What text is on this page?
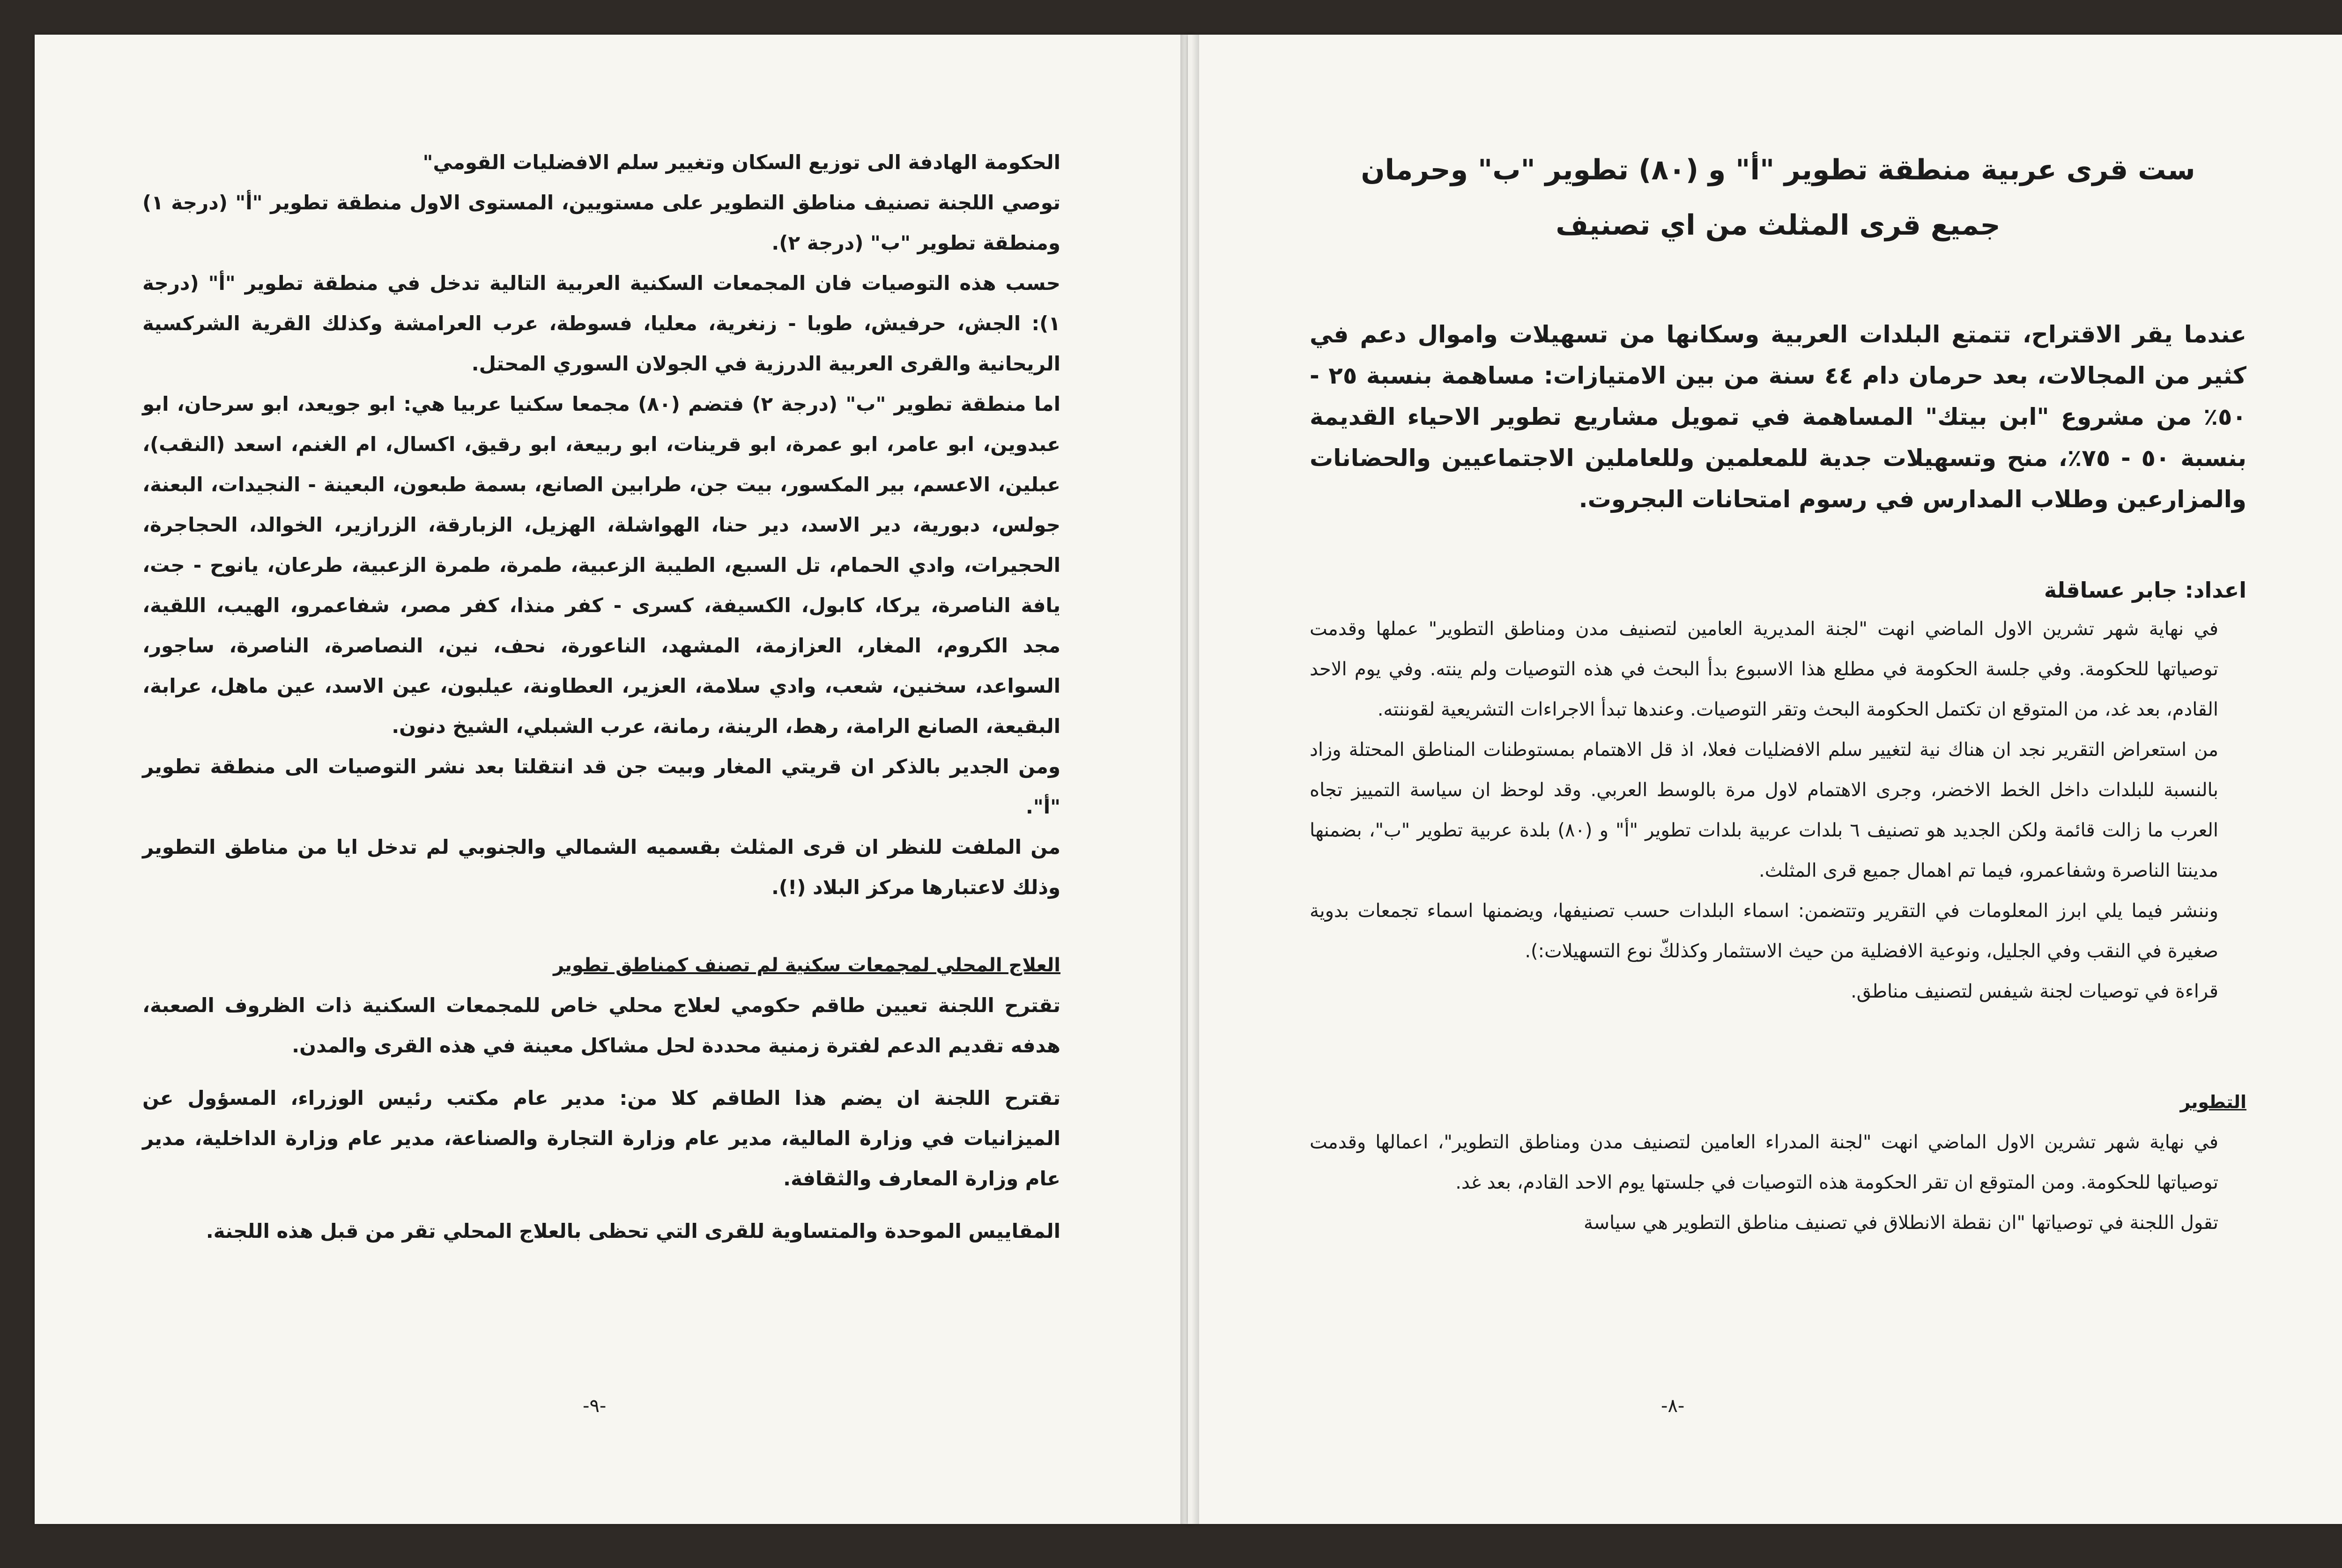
الحكومة الهادفة الى توزيع السكان وتغيير سلم الافضليات القومي"

توصي اللجنة تصنيف مناطق التطوير على مستويين، المستوى الاول منطقة تطوير "أ" (درجة ١) ومنطقة تطوير "ب" (درجة ٢).

حسب هذه التوصيات فان المجمعات السكنية العربية التالية تدخل في منطقة تطوير "أ" (درجة ١): الجش، حرفيش، طوبا - زنغرية، معليا، فسوطة، عرب العرامشة وكذلك القرية الشركسية الريحانية والقرى العربية الدرزية في الجولان السوري المحتل.

اما منطقة تطوير "ب" (درجة ٢) فتضم (٨٠) مجمعا سكنيا عربيا هي: ابو جويعد، ابو سرحان، ابو عبدوين، ابو عامر، ابو عمرة، ابو قرينات، ابو ربيعة، ابو رقيق، اكسال، ام الغنم، اسعد (النقب)، عبلين، الاعسم، بير المكسور، بيت جن، طرابين الصانع، بسمة طبعون، البعينة - النجيدات، البعنة، جولس، دبورية، دير الاسد، دير حنا، الهواشلة، الهزيل، الزبارقة، الزرازير، الخوالد، الحجاجرة، الحجيرات، وادي الحمام، تل السبع، الطيبة الزعبية، طمرة، طمرة الزعبية، طرعان، يانوح - جت، يافة الناصرة، يركا، كابول، الكسيفة، كسرى - كفر منذا، كفر مصر، شفاعمرو، الهيب، اللقية، مجد الكروم، المغار، العزازمة، المشهد، الناعورة، نحف، نين، النصاصرة، الناصرة، ساجور، السواعد، سخنين، شعب، وادي سلامة، العزير، العطاونة، عيلبون، عين الاسد، عين ماهل، عرابة، البقيعة، الصانع الرامة، رهط، الرينة، رمانة، عرب الشبلي، الشيخ دنون.

ومن الجدير بالذكر ان قريتي المغار وبيت جن قد انتقلتا بعد نشر التوصيات الى منطقة تطوير "أ".

من الملفت للنظر ان قرى المثلث بقسميه الشمالي والجنوبي لم تدخل ايا من مناطق التطوير وذلك لاعتبارها مركز البلاد (!).

العلاج المحلي لمجمعات سكنية لم تصنف كمناطق تطوير

تقترح اللجنة تعيين طاقم حكومي لعلاج محلي خاص للمجمعات السكنية ذات الظروف الصعبة، هدفه تقديم الدعم لفترة زمنية محددة لحل مشاكل معينة في هذه القرى والمدن.

تقترح اللجنة ان يضم هذا الطاقم كلا من: مدير عام مكتب رئيس الوزراء، المسؤول عن الميزانيات في وزارة المالية، مدير عام وزارة التجارة والصناعة، مدير عام وزارة الداخلية، مدير عام وزارة المعارف والثقافة.

المقاييس الموحدة والمتساوية للقرى التي تحظى بالعلاج المحلي تقر من قبل هذه اللجنة.

-٩-
ست قرى عربية منطقة تطوير "أ" و (٨٠) تطوير "ب" وحرمان
جميع قرى المثلث من اي تصنيف

عندما يقر الاقتراح، تتمتع البلدات العربية وسكانها من تسهيلات واموال دعم في كثير من المجالات، بعد حرمان دام ٤٤ سنة من بين الامتيازات: مساهمة بنسبة ٢٥ - ٥٠٪ من مشروع "ابن بيتك" المساهمة في تمويل مشاريع تطوير الاحياء القديمة بنسبة ٥٠ - ٧٥٪، منح وتسهيلات جدية للمعلمين وللعاملين الاجتماعيين والحضانات والمزارعين وطلاب المدارس في رسوم امتحانات البجروت.

اعداد: جابر عساقلة

في نهاية شهر تشرين الاول الماضي انهت "لجنة المديرية العامين لتصنيف مدن ومناطق التطوير" عملها وقدمت توصياتها للحكومة. وفي جلسة الحكومة في مطلع هذا الاسبوع بدأ البحث في هذه التوصيات ولم ينته. وفي يوم الاحد القادم، بعد غد، من المتوقع ان تكتمل الحكومة البحث وتقر التوصيات. وعندها تبدأ الاجراءات التشريعية لقوننته.

من استعراض التقرير نجد ان هناك نية لتغيير سلم الافضليات فعلا، اذ قل الاهتمام بمستوطنات المناطق المحتلة وزاد بالنسبة للبلدات داخل الخط الاخضر، وجرى الاهتمام لاول مرة بالوسط العربي. وقد لوحظ ان سياسة التمييز تجاه العرب ما زالت قائمة ولكن الجديد هو تصنيف ٦ بلدات عربية بلدات تطوير "أ" و (٨٠) بلدة عربية تطوير "ب"، بضمنها مدينتا الناصرة وشفاعمرو، فيما تم اهمال جميع قرى المثلث.

وننشر فيما يلي ابرز المعلومات في التقرير وتتضمن: اسماء البلدات حسب تصنيفها، ويضمنها اسماء تجمعات بدوية صغيرة في النقب وفي الجليل، ونوعية الافضلية من حيث الاستثمار وكذلكّ نوع التسهيلات:).

قراءة في توصيات لجنة شيفس لتصنيف مناطق.

التطوير

في نهاية شهر تشرين الاول الماضي انهت "لجنة المدراء العامين لتصنيف مدن ومناطق التطوير"، اعمالها وقدمت توصياتها للحكومة. ومن المتوقع ان تقر الحكومة هذه التوصيات في جلستها يوم الاحد القادم، بعد غد.

تقول اللجنة في توصياتها "ان نقطة الانطلاق في تصنيف مناطق التطوير هي سياسة

-٨-
